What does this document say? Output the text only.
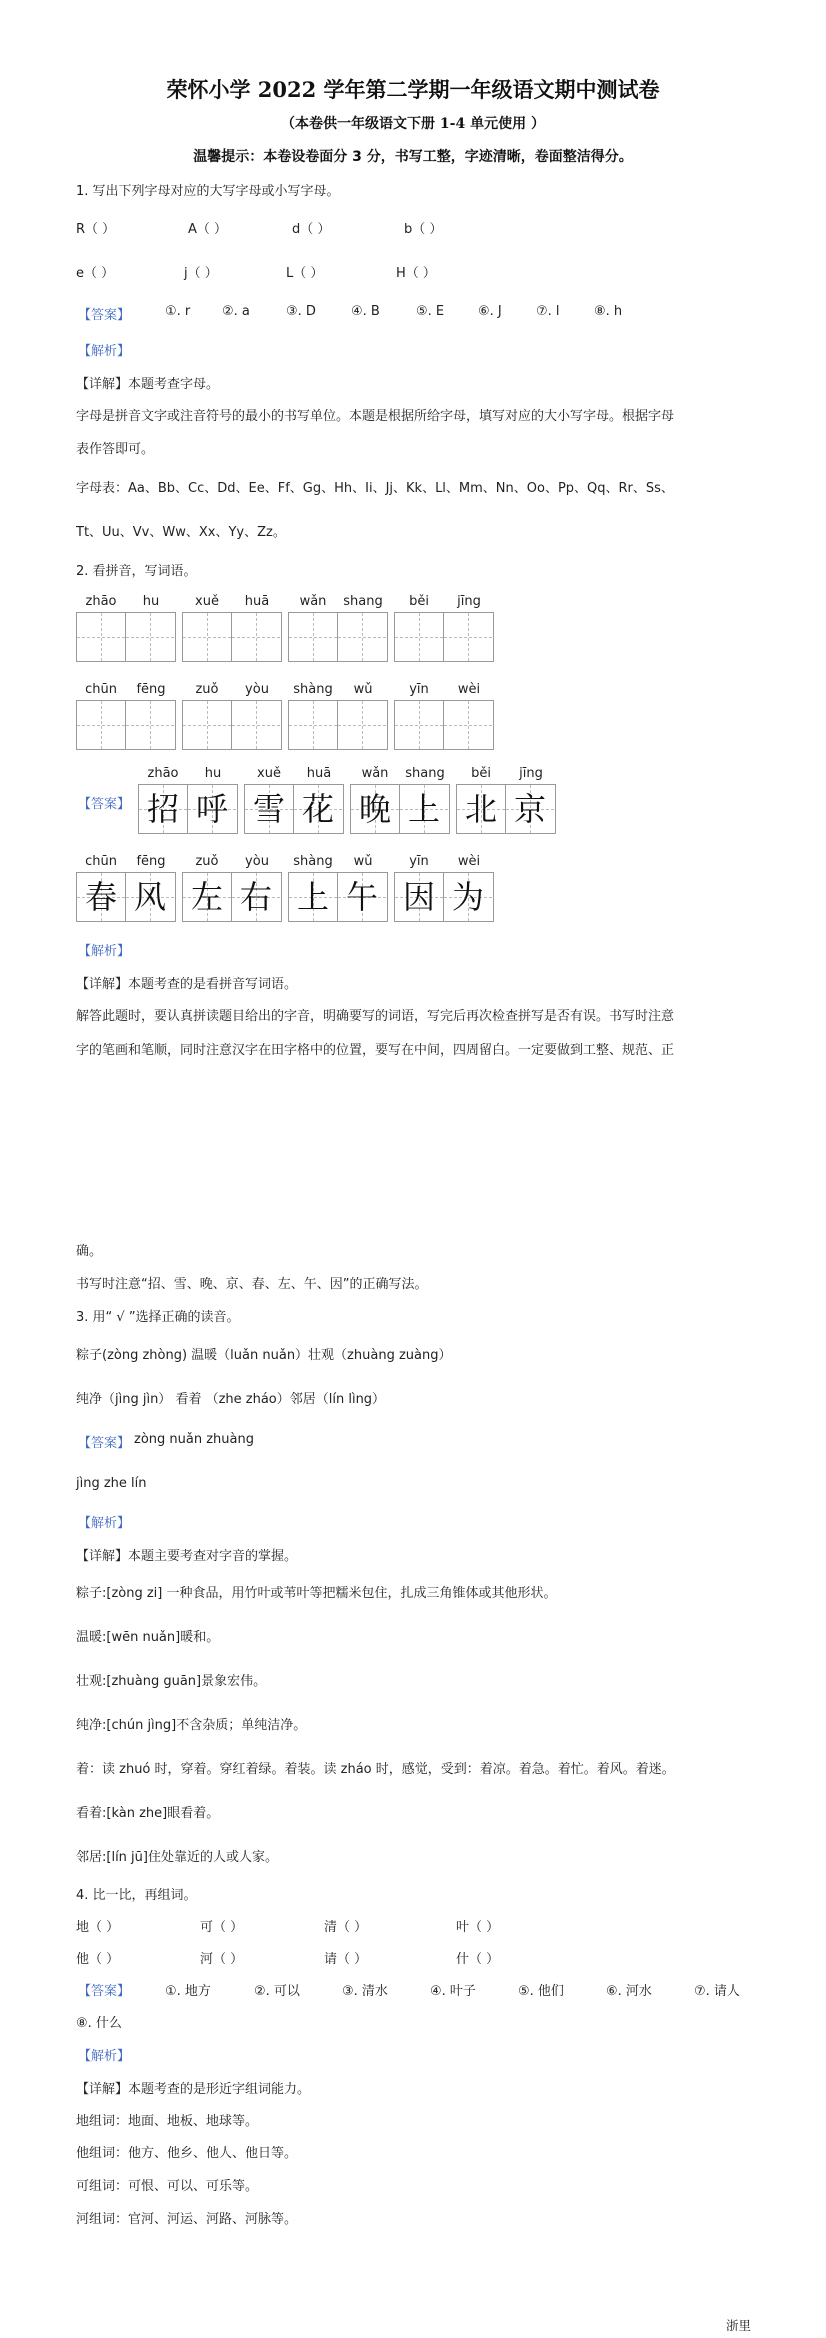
荣怀小学 2022 学年第二学期一年级语文期中测试卷
（本卷供一年级语文下册 1-4 单元使用 ）
温馨提示：本卷设卷面分 3 分，书写工整，字迹清晰，卷面整洁得分。
1. 写出下列字母对应的大写字母或小写字母。
R（ ）	A（ ）	d（ ）	b（ ）
e（ ）	j（ ）	L（ ）	H（ ）
【答案】	①. r ②. a	③. D	④. B	⑤. E	⑥. J	⑦. l	⑧. h
【解析】
【详解】本题考查字母。
字母是拼音文字或注音符号的最小的书写单位。本题是根据所给字母，填写对应的大小写字母。根据字母
表作答即可。
字母表：Aa、Bb、Cc、Dd、Ee、Ff、Gg、Hh、Ii、Jj、Kk、Ll、Mm、Nn、Oo、Pp、Qq、Rr、Ss、
Tt、Uu、Vv、Ww、Xx、Yy、Zz。
2. 看拼音，写词语。
zhāo	hu	xuě	huā	wǎn	shang	běi	jīng
chūn	fēng	zuǒ	yòu	shàng	wǔ	yīn	wèi
【答案】
zhāo	hu
招 呼
xuě	huā
雪 花
wǎn	shang
晚 上
běi	jīng
北 京
chūn	fēng
春 风
zuǒ	yòu
左 右
shàng	wǔ
上 午
yīn	wèi
因 为
【解析】
【详解】本题考查的是看拼音写词语。
解答此题时，要认真拼读题目给出的字音，明确要写的词语，写完后再次检查拼写是否有误。书写时注意
字的笔画和笔顺，同时注意汉字在田字格中的位置，要写在中间，四周留白。一定要做到工整、规范、正
确。
书写时注意“招、雪、晚、京、春、左、午、因”的正确写法。
3. 用“ √ ”选择正确的读音。
粽子(zòng zhòng) 温暖（luǎn nuǎn）壮观（zhuàng zuàng）
纯净（jìng jìn） 看着 （zhe zháo）邻居（lín lìng）
【答案】 zòng nuǎn zhuàng
jìng zhe lín
【解析】
【详解】本题主要考查对字音的掌握。
粽子:[zòng zi] 一种食品，用竹叶或苇叶等把糯米包住，扎成三角锥体或其他形状。
温暖:[wēn nuǎn]暖和。
壮观:[zhuàng guān]景象宏伟。
纯净:[chún jìng]不含杂质；单纯洁净。
着：读 zhuó 时，穿着。穿红着绿。着装。读 zháo 时，感觉，受到：着凉。着急。着忙。着风。着迷。
看着:[kàn zhe]眼看着。
邻居:[lín jū]住处靠近的人或人家。
4. 比一比，再组词。
地（ ）	可（ ）	清（ ）	叶（ ）
他（ ）	河（ ）	请（ ）	什（ ）
【答案】	①. 地方	②. 可以	③. 清水	④. 叶子	⑤. 他们	⑥. 河水	⑦. 请人
⑧. 什么
【解析】
【详解】本题考查的是形近字组词能力。
地组词：地面、地板、地球等。
他组词：他方、他乡、他人、他日等。
可组词：可恨、可以、可乐等。
河组词：官河、河运、河路、河脉等。
浙里
